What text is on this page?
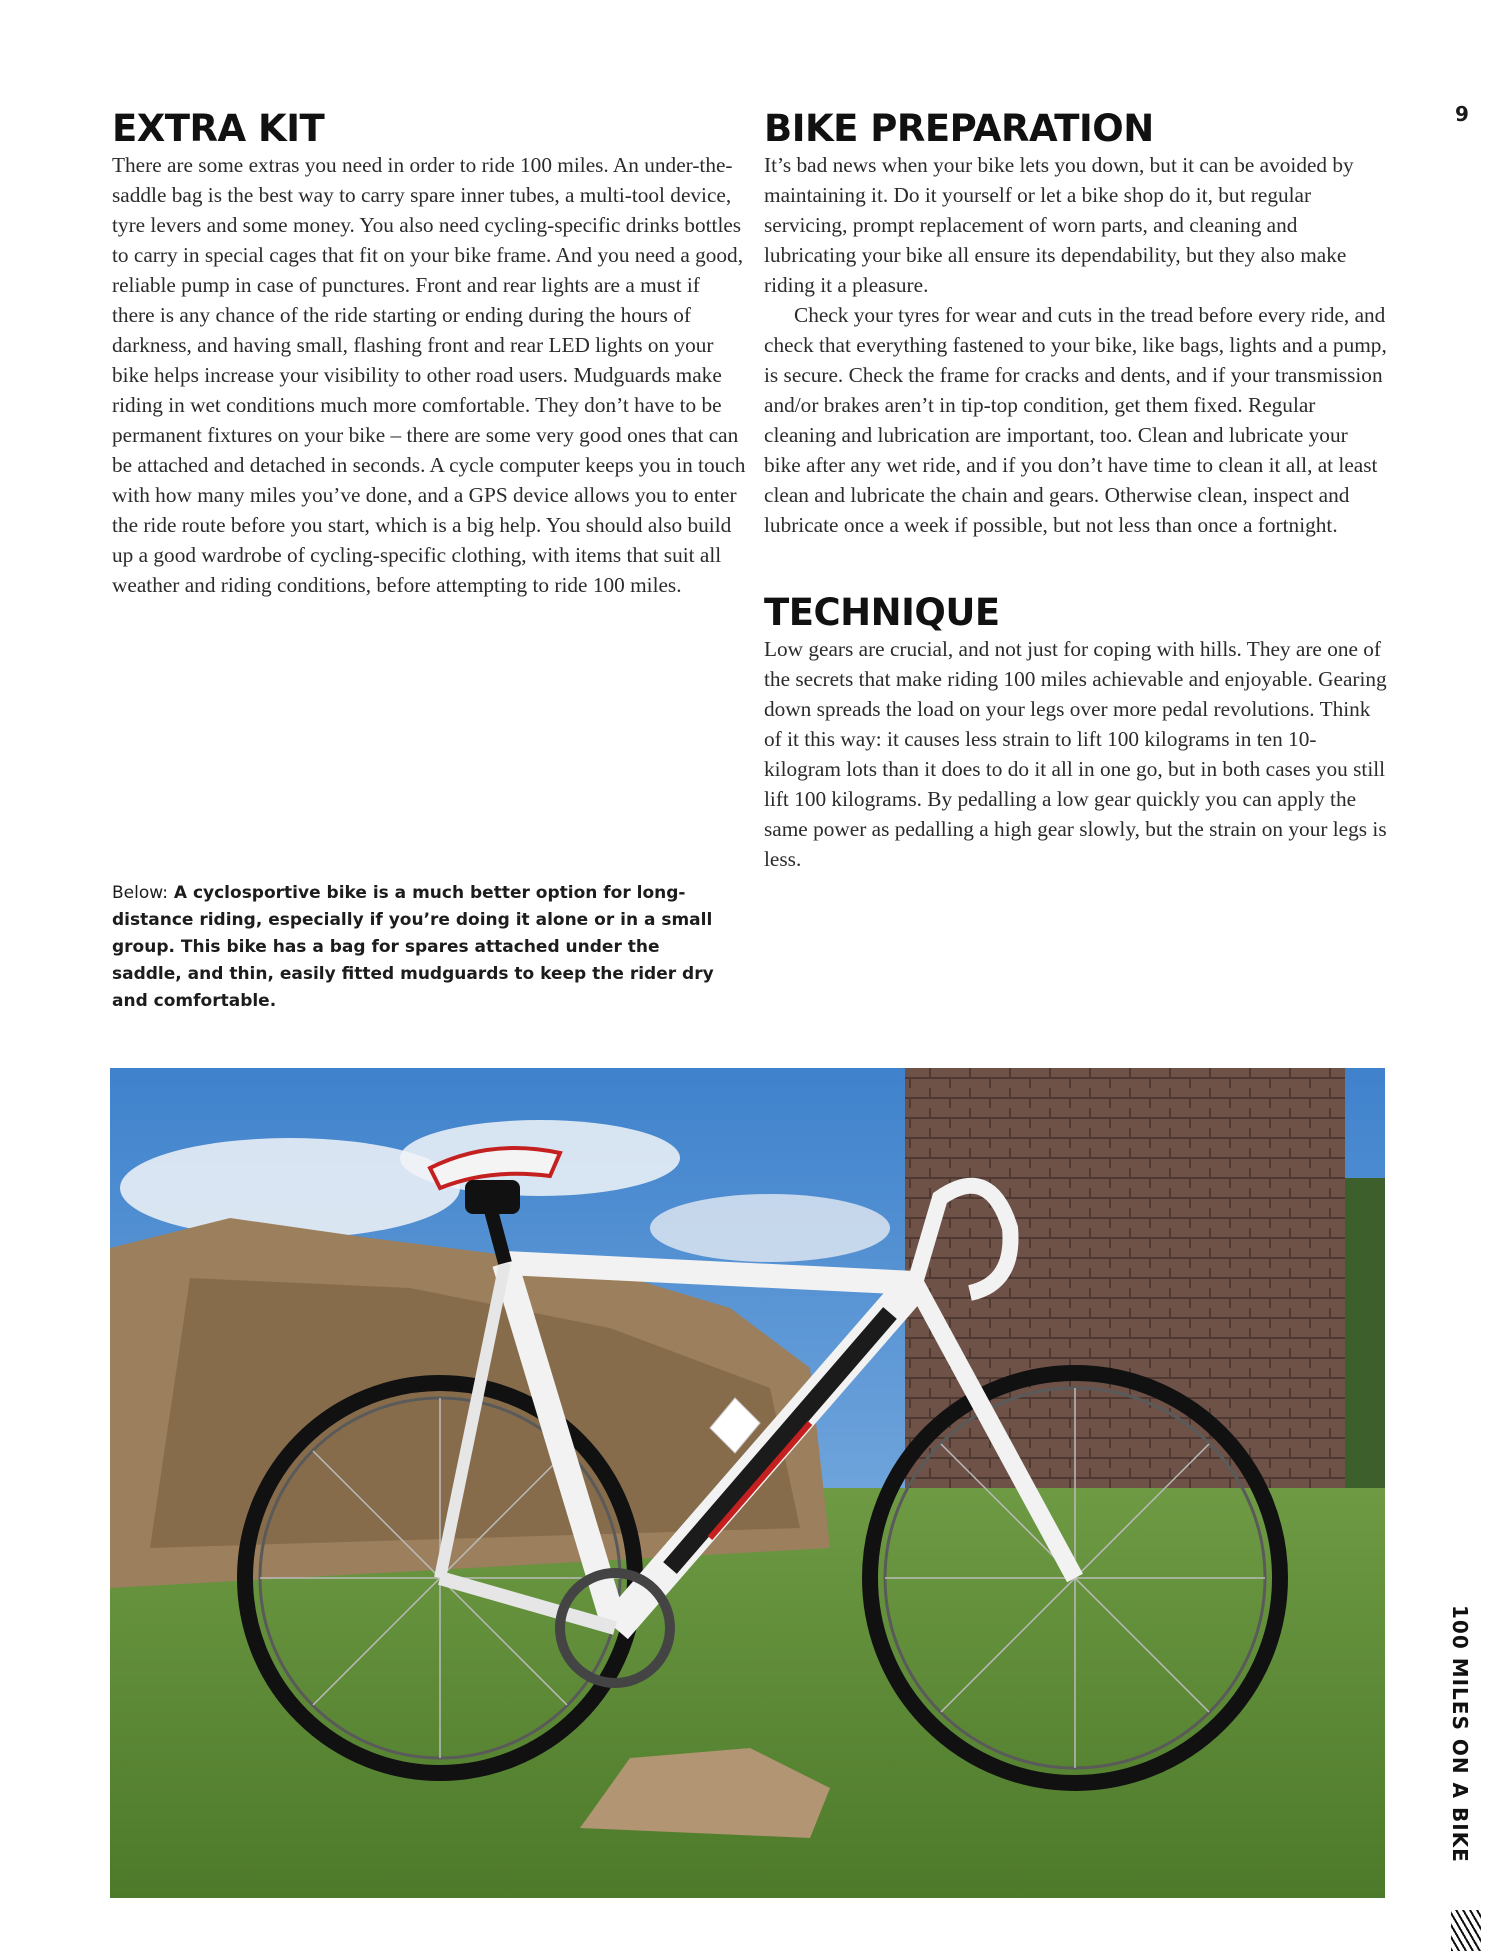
9
EXTRA KIT

There are some extras you need in order to ride 100 miles. An under-the-saddle bag is the best way to carry spare inner tubes, a multi-tool device, tyre levers and some money. You also need cycling-specific drinks bottles to carry in special cages that fit on your bike frame. And you need a good, reliable pump in case of punctures. Front and rear lights are a must if there is any chance of the ride starting or ending during the hours of darkness, and having small, flashing front and rear LED lights on your bike helps increase your visibility to other road users. Mudguards make riding in wet conditions much more comfortable. They don’t have to be permanent fixtures on your bike – there are some very good ones that can be attached and detached in seconds. A cycle computer keeps you in touch with how many miles you’ve done, and a GPS device allows you to enter the ride route before you start, which is a big help. You should also build up a good wardrobe of cycling-specific clothing, with items that suit all weather and riding conditions, before attempting to ride 100 miles.

BIKE PREPARATION

It’s bad news when your bike lets you down, but it can be avoided by maintaining it. Do it yourself or let a bike shop do it, but regular servicing, prompt replacement of worn parts, and cleaning and lubricating your bike all ensure its dependability, but they also make riding it a pleasure.

Check your tyres for wear and cuts in the tread before every ride, and check that everything fastened to your bike, like bags, lights and a pump, is secure. Check the frame for cracks and dents, and if your transmission and/or brakes aren’t in tip-top condition, get them fixed. Regular cleaning and lubrication are important, too. Clean and lubricate your bike after any wet ride, and if you don’t have time to clean it all, at least clean and lubricate the chain and gears. Otherwise clean, inspect and lubricate once a week if possible, but not less than once a fortnight.

TECHNIQUE

Low gears are crucial, and not just for coping with hills. They are one of the secrets that make riding 100 miles achievable and enjoyable. Gearing down spreads the load on your legs over more pedal revolutions. Think of it this way: it causes less strain to lift 100 kilograms in ten 10-kilogram lots than it does to do it all in one go, but in both cases you still lift 100 kilograms. By pedalling a low gear quickly you can apply the same power as pedalling a high gear slowly, but the strain on your legs is less.

Below: A cyclosportive bike is a much better option for long-distance riding, especially if you’re doing it alone or in a small group. This bike has a bag for spares attached under the saddle, and thin, easily fitted mudguards to keep the rider dry and comfortable.

100 MILES ON A BIKE
